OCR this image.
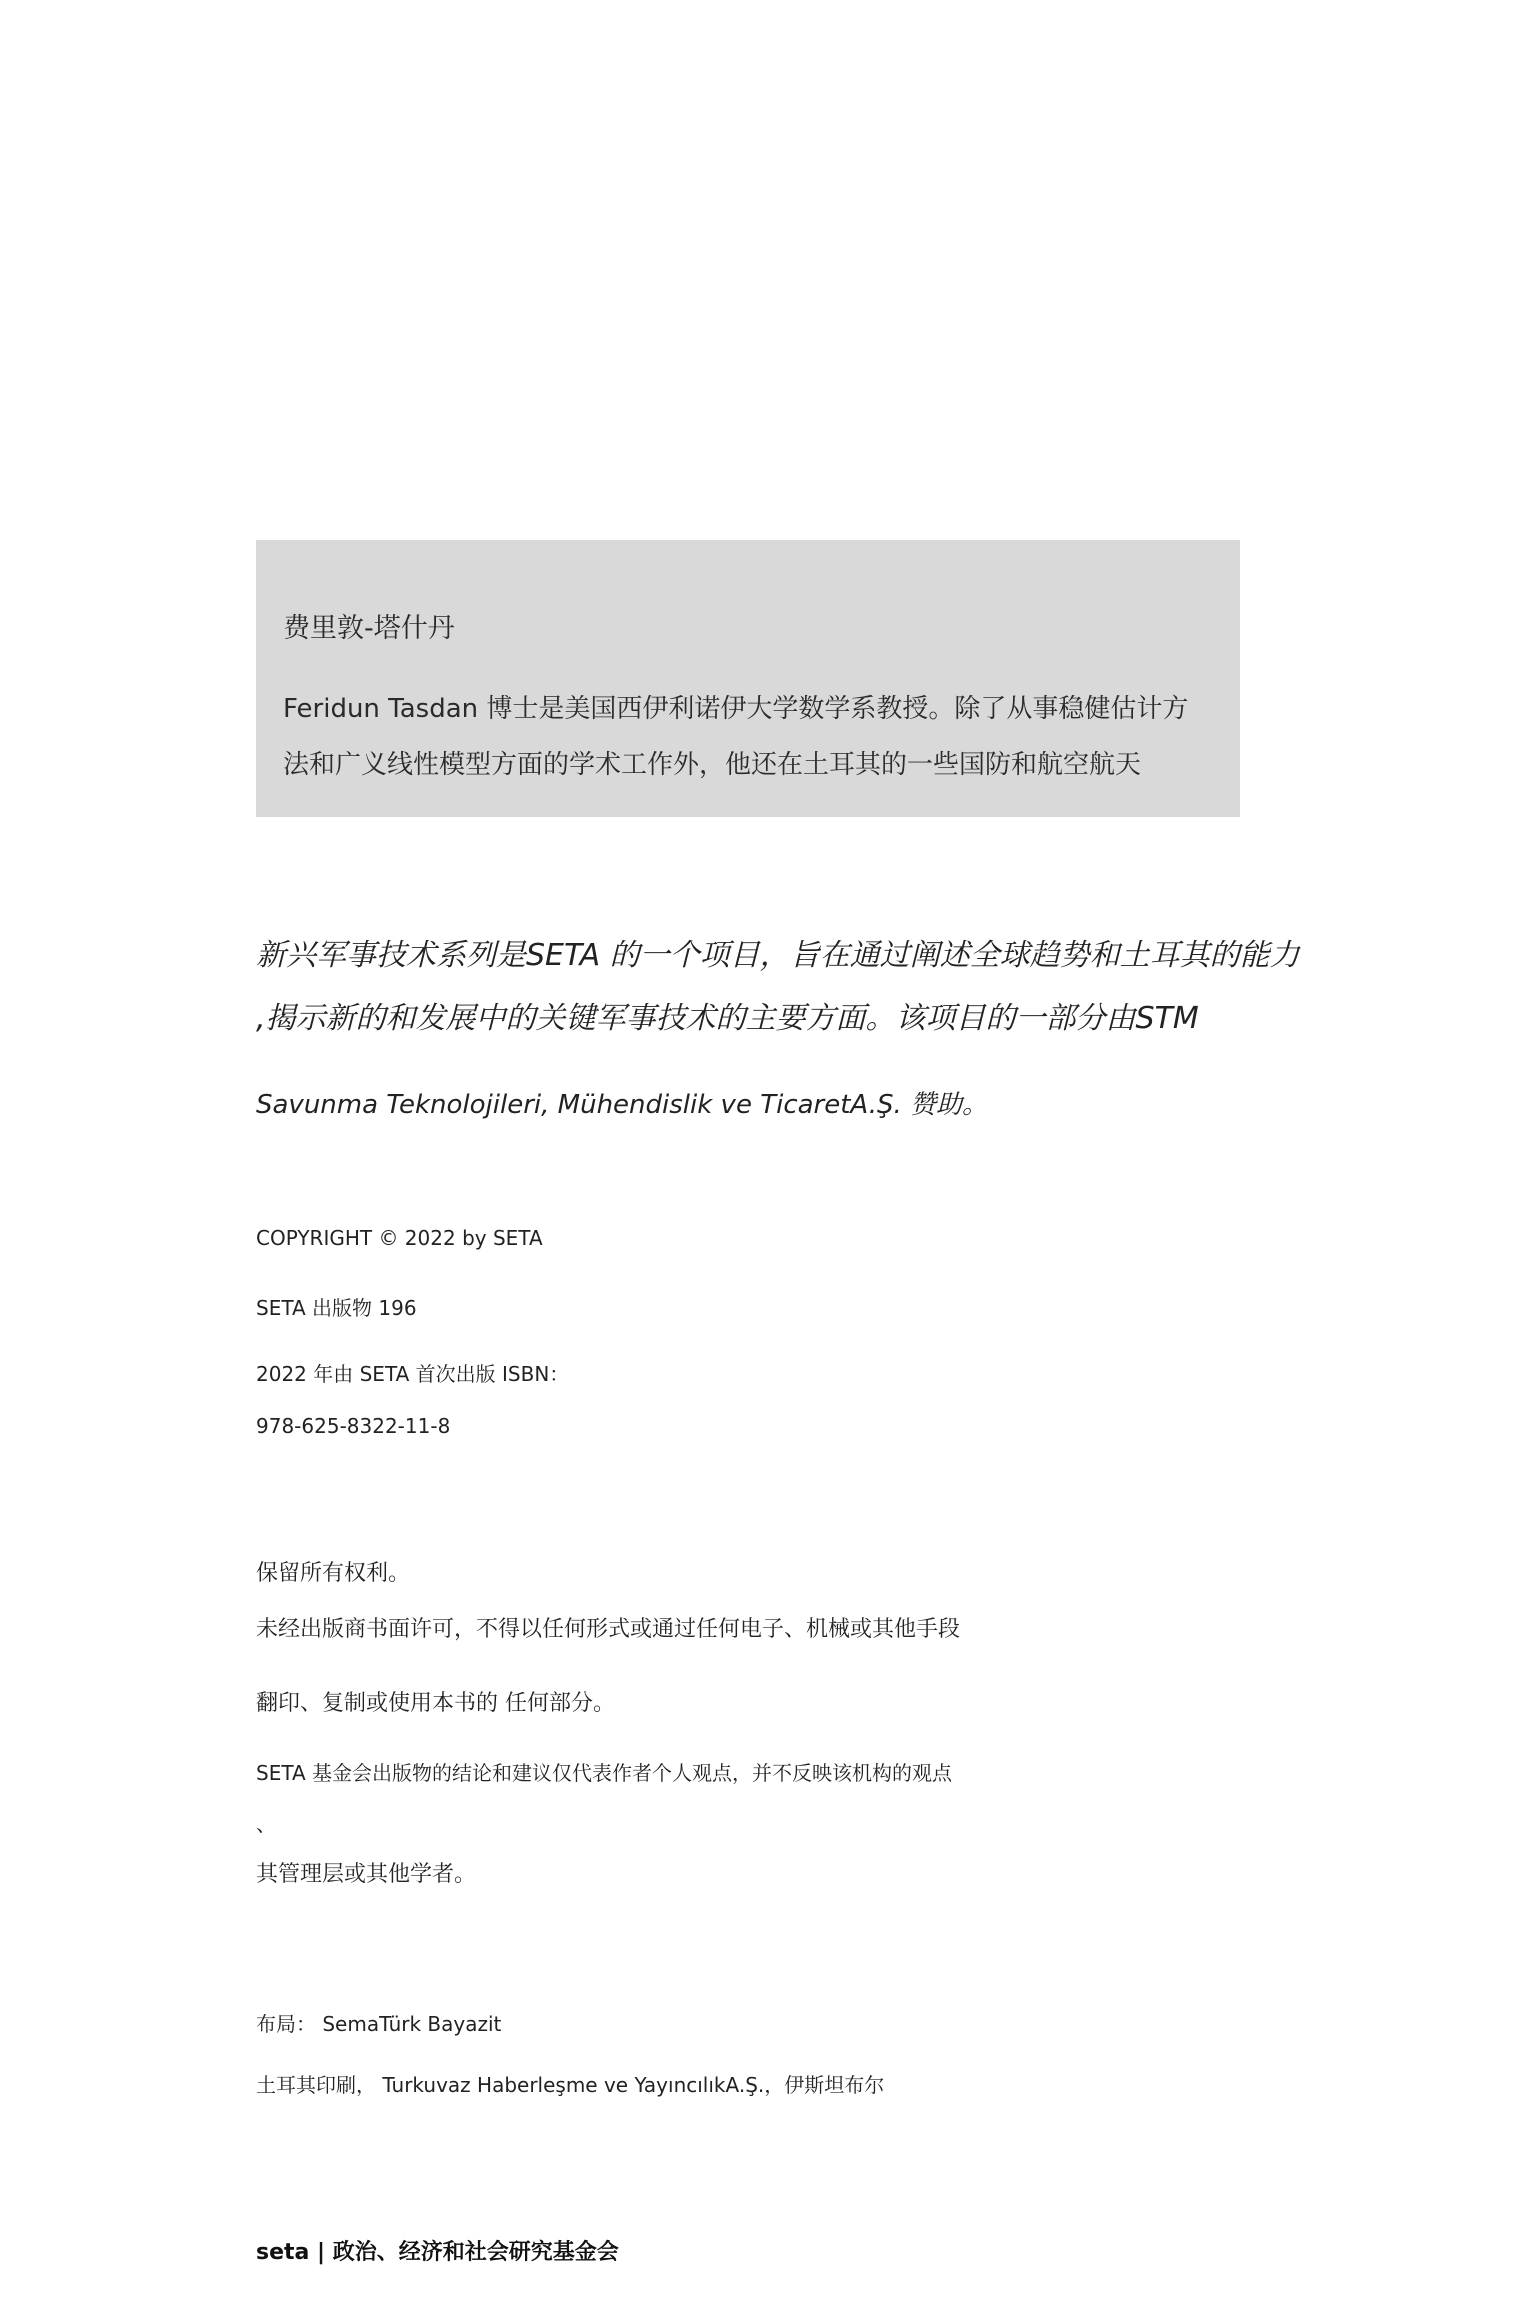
费里敦-塔什丹
Feridun Tasdan 博士是美国西伊利诺伊大学数学系教授。除了从事稳健估计方
法和广义线性模型方面的学术工作外，他还在土耳其的一些国防和航空航天
新兴军事技术系列是SETA 的一个项目，旨在通过阐述全球趋势和土耳其的能力
,揭示新的和发展中的关键军事技术的主要方面。该项目的一部分由STM
Savunma Teknolojileri, Mühendislik ve TicaretA.Ş. 赞助。
COPYRIGHT © 2022 by SETA
SETA 出版物 196
2022 年由 SETA 首次出版 ISBN：
978-625-8322-11-8
保留所有权利。
未经出版商书面许可，不得以任何形式或通过任何电子、机械或其他手段
翻印、复制或使用本书的 任何部分。
SETA 基金会出版物的结论和建议仅代表作者个人观点，并不反映该机构的观点
、
其管理层或其他学者。
布局： SemaTürk Bayazit
土耳其印刷， Turkuvaz Haberleşme ve YayıncılıkA.Ş.，伊斯坦布尔
seta | 政治、经济和社会研究基金会
